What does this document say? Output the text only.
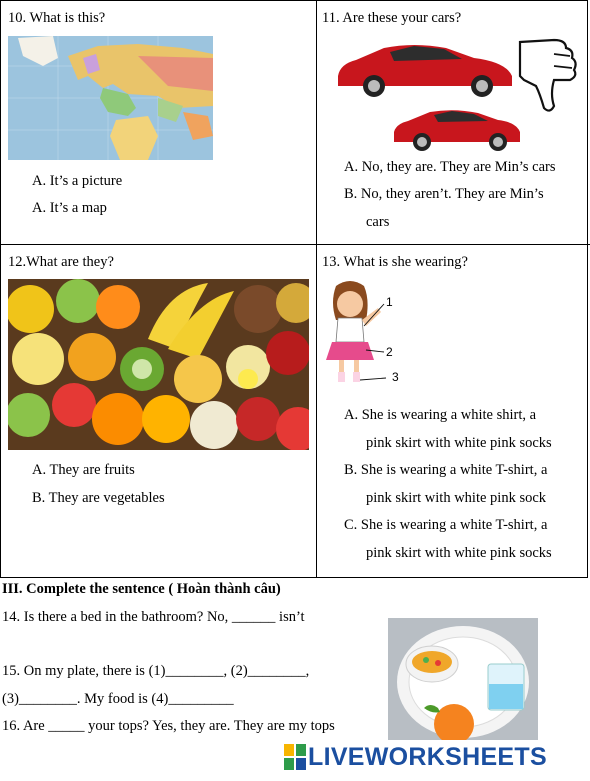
10. What is this?
A. It’s a picture
A. It’s a map
11. Are these your cars?
A. No, they are. They are Min’s cars
B. No, they aren’t. They are Min’s
cars
12.What are they?
A. They are fruits
B. They are vegetables
13. What is she wearing?
1
2
3
A. She is wearing a white shirt, a
pink skirt with white pink socks
B. She is wearing a white T-shirt, a
pink skirt with white pink sock
C. She is wearing a white T-shirt, a
pink skirt with white pink socks
III. Complete the sentence ( Hoàn thành câu)
14. Is there a bed in the bathroom? No, ______ isn’t
15. On my plate, there is (1)________, (2)________,
(3)________. My food is (4)_________
16. Are _____ your tops? Yes, they are. They are my tops
LIVEWORKSHEETS
